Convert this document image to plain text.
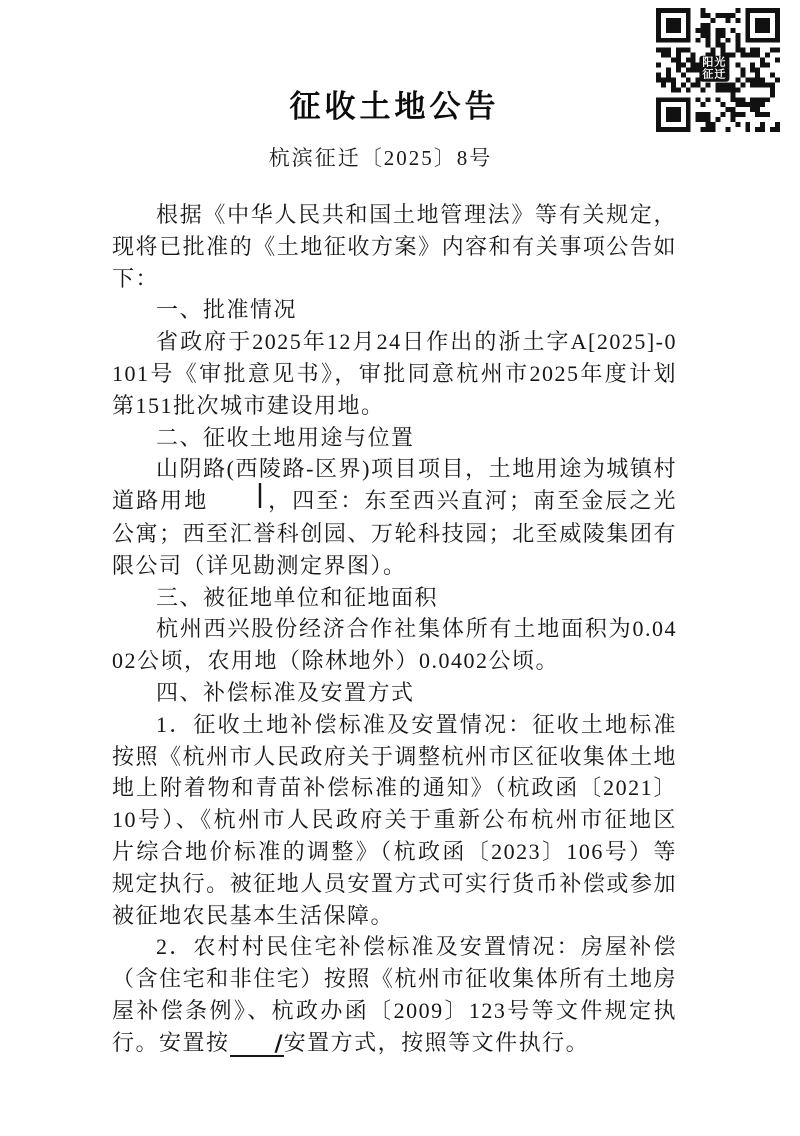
阳光
征迁
征收土地公告
杭滨征迁〔2025〕8号

根据《中华人民共和国土地管理法》等有关规定，现将已批准的《土地征收方案》内容和有关事项公告如下：

一、批准情况

省政府于2025年12月24日作出的浙土字A[2025]-0101号《审批意见书》，审批同意杭州市2025年度计划第151批次城市建设用地。

二、征收土地用途与位置

山阴路(西陵路-区界)项目项目，土地用途为城镇村道路用地 |，四至：东至西兴直河；南至金辰之光公寓；西至汇誉科创园、万轮科技园；北至威陵集团有限公司（详见勘测定界图）。

三、被征地单位和征地面积

杭州西兴股份经济合作社集体所有土地面积为0.0402公顷，农用地（除林地外）0.0402公顷。

四、补偿标准及安置方式

1．征收土地补偿标准及安置情况：征收土地标准按照《杭州市人民政府关于调整杭州市区征收集体土地地上附着物和青苗补偿标准的通知》（杭政函〔2021〕10号）、《杭州市人民政府关于重新公布杭州市征地区片综合地价标准的调整》（杭政函〔2023〕106号）等规定执行。被征地人员安置方式可实行货币补偿或参加被征地农民基本生活保障。

2．农村村民住宅补偿标准及安置情况：房屋补偿（含住宅和非住宅）按照《杭州市征收集体所有土地房屋补偿条例》、杭政办函〔2009〕123号等文件规定执行。安置按 /安置方式，按照等文件执行。
